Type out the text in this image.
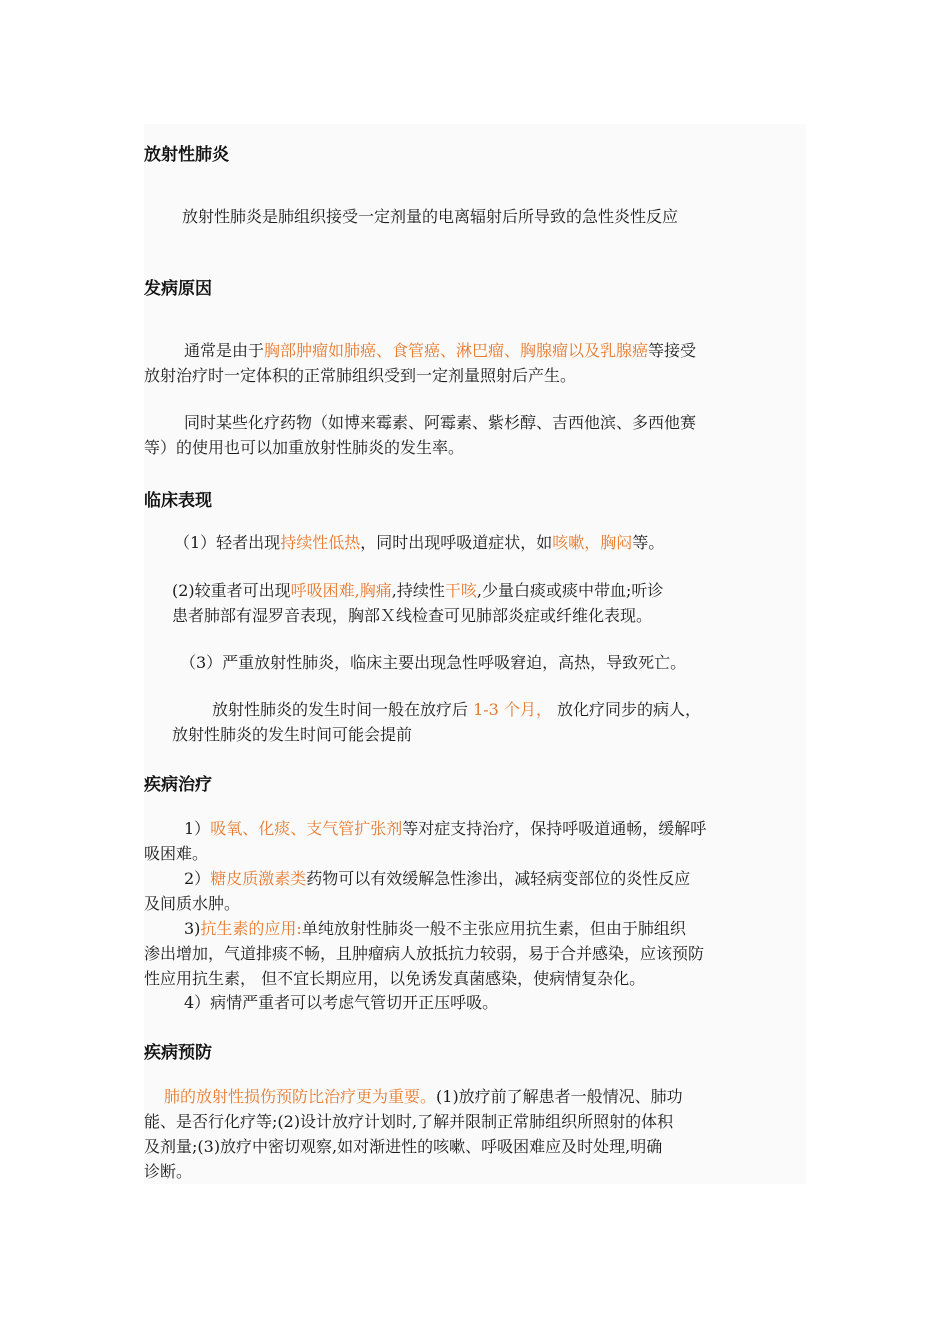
放射性肺炎

放射性肺炎是肺组织接受一定剂量的电离辐射后所导致的急性炎性反应

发病原因
通常是由于胸部肿瘤如肺癌、食管癌、淋巴瘤、胸腺瘤以及乳腺癌等接受
放射治疗时一定体积的正常肺组织受到一定剂量照射后产生。
同时某些化疗药物（如博来霉素、阿霉素、紫杉醇、吉西他滨、多西他赛
等）的使用也可以加重放射性肺炎的发生率。
临床表现

（1）轻者出现持续性低热，同时出现呼吸道症状，如咳嗽，胸闷等。

(2)较重者可出现呼吸困难,胸痛,持续性干咳,少量白痰或痰中带血;听诊
患者肺部有湿罗音表现，胸部Ｘ线检查可见肺部炎症或纤维化表现。

（3）严重放射性肺炎，临床主要出现急性呼吸窘迫，高热，导致死亡。

放射性肺炎的发生时间一般在放疗后 1-3 个月， 放化疗同步的病人，
放射性肺炎的发生时间可能会提前
疾病治疗
1）吸氧、化痰、支气管扩张剂等对症支持治疗，保持呼吸道通畅，缓解呼
吸困难。
2）糖皮质激素类药物可以有效缓解急性渗出，减轻病变部位的炎性反应
及间质水肿。
3)抗生素的应用:单纯放射性肺炎一般不主张应用抗生素，但由于肺组织
渗出增加，气道排痰不畅，且肿瘤病人放抵抗力较弱，易于合并感染，应该预防
性应用抗生素， 但不宜长期应用，以免诱发真菌感染，使病情复杂化。

4）病情严重者可以考虑气管切开正压呼吸。

疾病预防
肺的放射性损伤预防比治疗更为重要。(1)放疗前了解患者一般情况、肺功
能、是否行化疗等;(2)设计放疗计划时,了解并限制正常肺组织所照射的体积
及剂量;(3)放疗中密切观察,如对渐进性的咳嗽、呼吸困难应及时处理,明确
诊断。
